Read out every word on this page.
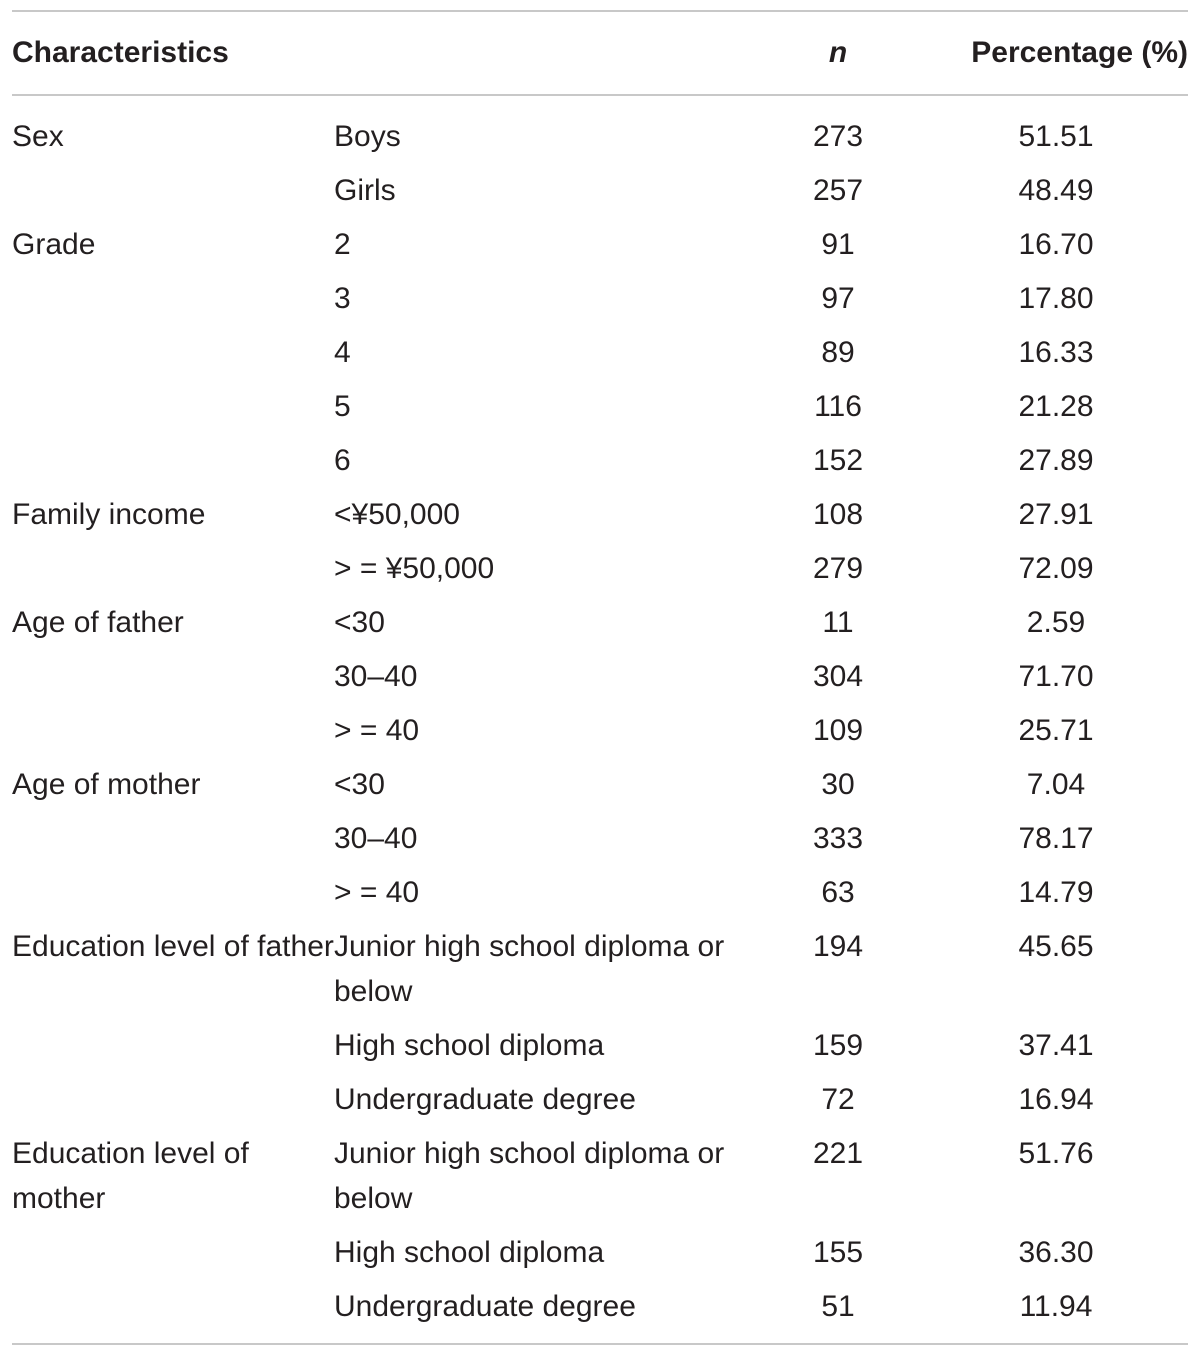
Characteristics		n	Percentage (%)
Sex	Boys	273	51.51
	Girls	257	48.49
Grade	2	91	16.70
	3	97	17.80
	4	89	16.33
	5	116	21.28
	6	152	27.89
Family income	<¥50,000	108	27.91
	> = ¥50,000	279	72.09
Age of father	<30	11	2.59
	30–40	304	71.70
	> = 40	109	25.71
Age of mother	<30	30	7.04
	30–40	333	78.17
	> = 40	63	14.79
Education level of father	Junior high school diploma or below	194	45.65
	High school diploma	159	37.41
	Undergraduate degree	72	16.94
Education level of mother	Junior high school diploma or below	221	51.76
	High school diploma	155	36.30
	Undergraduate degree	51	11.94
